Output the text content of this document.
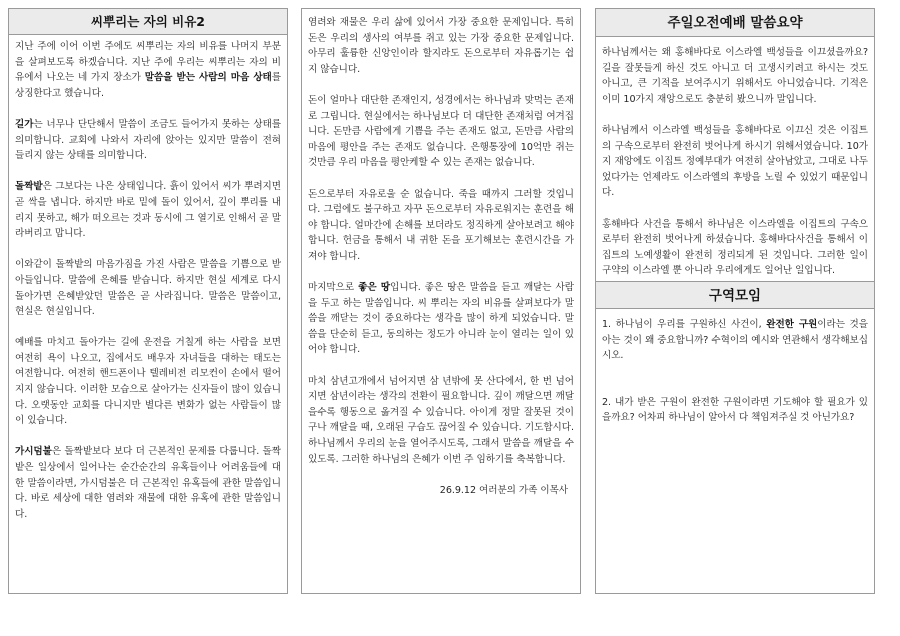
씨뿌리는 자의 비유2

지난 주에 이어 이번 주에도 씨뿌리는 자의 비유를 나머지 부분을 살펴보도록 하겠습니다. 지난 주에 우리는 씨뿌리는 자의 비유에서 나오는 네 가지 장소가 말씀을 받는 사람의 마음 상태를 상징한다고 했습니다.

길가는 너무나 단단해서 말씀이 조금도 들어가지 못하는 상태를 의미합니다. 교회에 나와서 자리에 앉아는 있지만 말씀이 전혀 들리지 않는 상태를 의미합니다.

돌짝밭은 그보다는 나은 상태입니다. 흙이 있어서 씨가 뿌려지면 곧 싹을 냅니다. 하지만 바로 밑에 돌이 있어서, 깊이 뿌리를 내리지 못하고, 해가 떠오르는 것과 동시에 그 열기로 인해서 곧 말라버리고 맙니다.

이와같이 돌짝밭의 마음가짐을 가진 사람은 말씀을 기쁨으로 받아들입니다. 말씀에 은혜를 받습니다. 하지만 현실 세계로 다시 돌아가면 은혜받았던 말씀은 곧 사라집니다. 말씀은 말씀이고, 현실은 현실입니다.

예배를 마치고 돌아가는 길에 운전을 거칠게 하는 사람을 보면 여전히 욕이 나오고, 집에서도 배우자 자녀들을 대하는 태도는 여전합니다. 여전히 핸드폰이나 텔레비전 리모컨이 손에서 떨어지지 않습니다. 이러한 모습으로 살아가는 신자들이 많이 있습니다. 오랫동안 교회를 다니지만 별다른 변화가 없는 사람들이 많이 있습니다.

가시덤불은 돌짝밭보다 보다 더 근본적인 문제를 다룹니다. 돌짝밭은 일상에서 일어나는 순간순간의 유혹들이나 어려움들에 대한 말씀이라면, 가시덤불은 더 근본적인 유혹들에 관한 말씀입니다. 바로 세상에 대한 염려와 재물에 대한 유혹에 관한 말씀입니다.

염려와 재물은 우리 삶에 있어서 가장 중요한 문제입니다. 특히 돈은 우리의 생사의 여부를 쥐고 있는 가장 중요한 문제입니다. 아무리 훌륭한 신앙인이라 할지라도 돈으로부터 자유롭기는 쉽지 않습니다.

돈이 얼마나 대단한 존재인지, 성경에서는 하나님과 맞먹는 존재로 그립니다. 현실에서는 하나님보다 더 대단한 존재처럼 여겨집니다. 돈만큼 사람에게 기쁨을 주는 존재도 없고, 돈만큼 사람의 마음에 평안을 주는 존재도 없습니다. 은행통장에 10억만 쥐는 것만큼 우리 마음을 평안케할 수 있는 존재는 없습니다.

돈으로부터 자유로울 순 없습니다. 죽을 때까지 그러할 것입니다. 그럼에도 불구하고 자꾸 돈으로부터 자유로워지는 훈련을 해야 합니다. 얼마간에 손해를 보더라도 정직하게 살아보려고 해야 합니다. 헌금을 통해서 내 귀한 돈을 포기해보는 훈련시간을 가져야 합니다.

마지막으로 좋은 땅입니다. 좋은 땅은 말씀을 듣고 깨달는 사람을 두고 하는 말씀입니다. 씨 뿌리는 자의 비유를 살펴보다가 말씀을 깨닫는 것이 중요하다는 생각을 많이 하게 되었습니다. 말씀을 단순히 듣고, 동의하는 정도가 아니라 눈이 열리는 일이 있어야 합니다.

마치 삼년고개에서 넘어지면 삼 년밖에 못 산다에서, 한 번 넘어지면 삼년이라는 생각의 전환이 필요합니다. 깊이 깨달으면 깨달을수록 행동으로 옮겨질 수 있습니다. 아이게 정말 잘못된 것이구나 깨달을 때, 오래된 구습도 끊어질 수 있습니다. 기도합시다. 하나님께서 우리의 눈을 열어주시도록, 그래서 말씀을 깨달을 수 있도록. 그러한 하나님의 은혜가 이번 주 임하기를 축복합니다.

26.9.12 여러분의 가족 이목사

주일오전예배 말씀요약

하나님께서는 왜 홍해바다로 이스라엘 백성들을 이끄셨을까요? 길을 잘못들게 하신 것도 아니고 더 고생시키려고 하시는 것도 아니고, 큰 기적을 보여주시기 위해서도 아니었습니다. 기적은 이미 10가지 재앙으로도 충분히 봤으니까 말입니다.

하나님께서 이스라엘 백성들을 홍해바다로 이끄신 것은 이집트의 구속으로부터 완전히 벗어나게 하시기 위해서였습니다. 10가지 재앙에도 이집트 정예부대가 여전히 살아남았고, 그대로 나두었다가는 언제라도 이스라엘의 후방을 노릴 수 있었기 때문입니다.

홍해바다 사건을 통해서 하나님은 이스라엘을 이집트의 구속으로부터 완전히 벗어나게 하셨습니다. 홍해바다사건을 통해서 이집트의 노예생활이 완전히 정리되게 된 것입니다. 그러한 일이 구약의 이스라엘 뿐 아니라 우리에게도 일어난 일입니다.

구역모임

1. 하나님이 우리를 구원하신 사건이, 완전한 구원이라는 것을 아는 것이 왜 중요합니까? 수혁이의 예시와 연관해서 생각해보십시오.

2. 내가 받은 구원이 완전한 구원이라면 기도해야 할 필요가 있을까요? 어차피 하나님이 알아서 다 책임져주실 것 아닌가요?
